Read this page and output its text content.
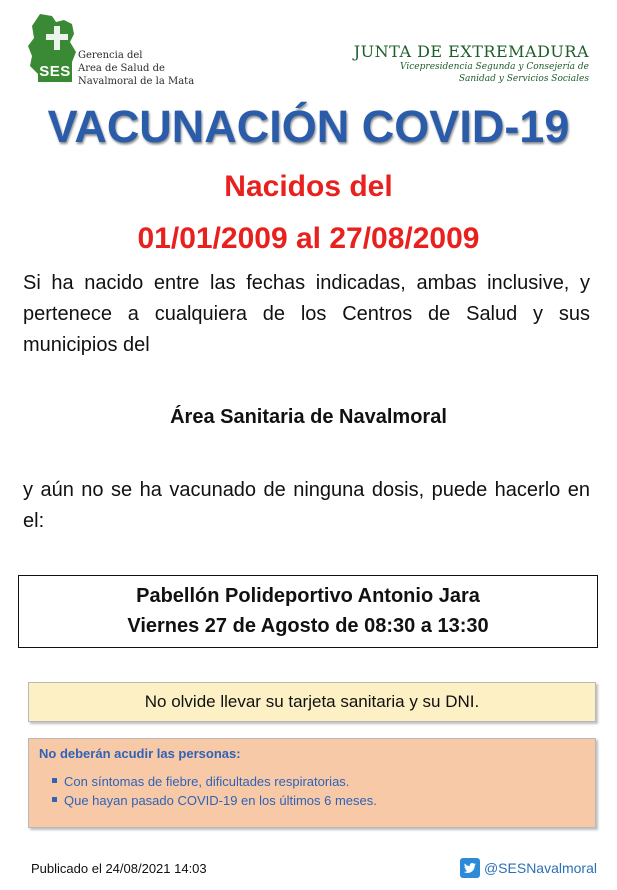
SES
Gerencia del
Area de Salud de
Navalmoral de la Mata
JUNTA DE EXTREMADURA
Vicepresidencia Segunda y Consejería de
Sanidad y Servicios Sociales
VACUNACIÓN COVID-19
Nacidos del
01/01/2009 al 27/08/2009
Si ha nacido entre las fechas indicadas, ambas inclusive, y pertenece a cualquiera de los Centros de Salud y sus municipios del
Área Sanitaria de Navalmoral
y aún no se ha vacunado de ninguna dosis, puede hacerlo en el:
Pabellón Polideportivo Antonio Jara
Viernes 27 de Agosto de 08:30 a 13:30
No olvide llevar su tarjeta sanitaria y su DNI.
No deberán acudir las personas:
Con síntomas de fiebre, dificultades respiratorias.
Que hayan pasado COVID-19 en los últimos 6 meses.
Publicado el 24/08/2021 14:03	@SESNavalmoral
